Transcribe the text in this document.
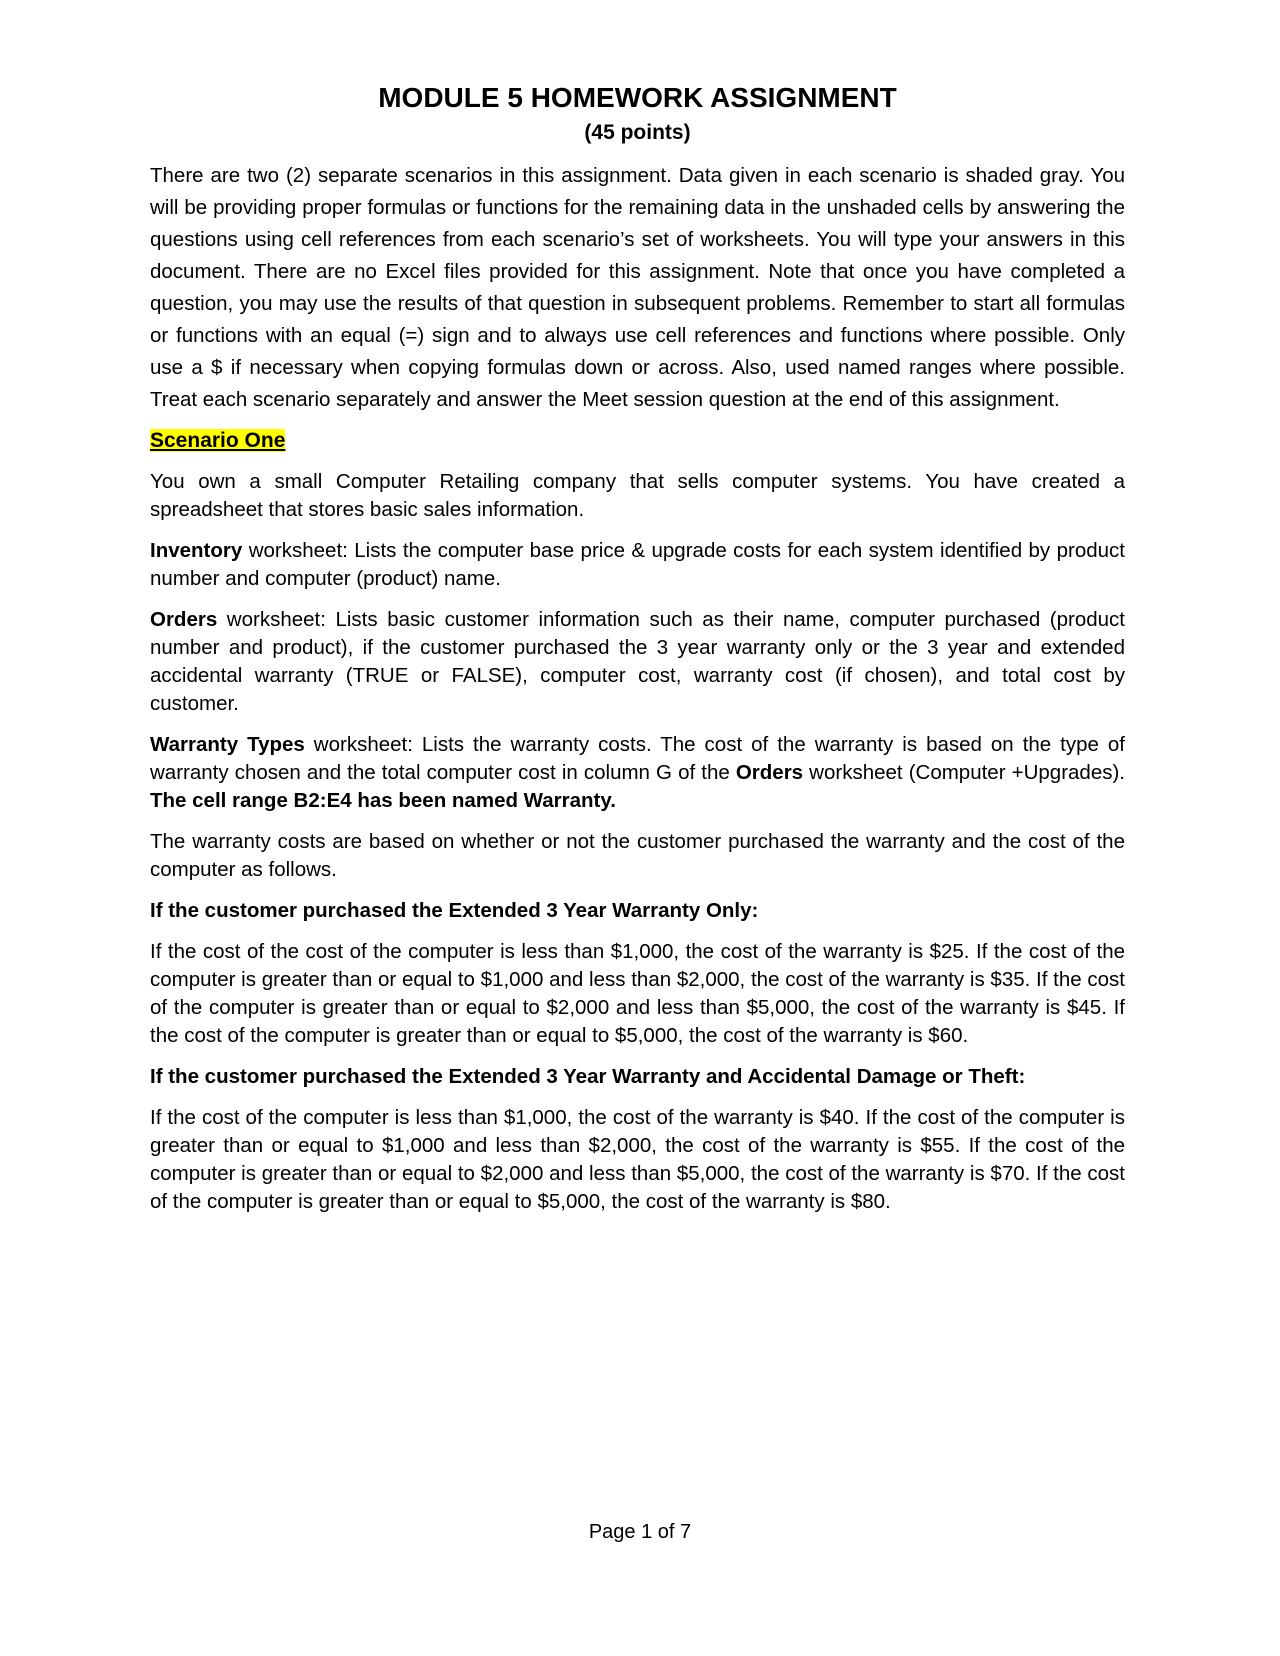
MODULE 5 HOMEWORK ASSIGNMENT

(45 points)

There are two (2) separate scenarios in this assignment. Data given in each scenario is shaded gray. You will be providing proper formulas or functions for the remaining data in the unshaded cells by answering the questions using cell references from each scenario’s set of worksheets. You will type your answers in this document. There are no Excel files provided for this assignment. Note that once you have completed a question, you may use the results of that question in subsequent problems. Remember to start all formulas or functions with an equal (=) sign and to always use cell references and functions where possible. Only use a $ if necessary when copying formulas down or across. Also, used named ranges where possible. Treat each scenario separately and answer the Meet session question at the end of this assignment.

Scenario One

You own a small Computer Retailing company that sells computer systems. You have created a spreadsheet that stores basic sales information.

Inventory worksheet: Lists the computer base price & upgrade costs for each system identified by product number and computer (product) name.

Orders worksheet: Lists basic customer information such as their name, computer purchased (product number and product), if the customer purchased the 3 year warranty only or the 3 year and extended accidental warranty (TRUE or FALSE), computer cost, warranty cost (if chosen), and total cost by customer.

Warranty Types worksheet: Lists the warranty costs. The cost of the warranty is based on the type of warranty chosen and the total computer cost in column G of the Orders worksheet (Computer +Upgrades). The cell range B2:E4 has been named Warranty.

The warranty costs are based on whether or not the customer purchased the warranty and the cost of the computer as follows.

If the customer purchased the Extended 3 Year Warranty Only:

If the cost of the cost of the computer is less than $1,000, the cost of the warranty is $25. If the cost of the computer is greater than or equal to $1,000 and less than $2,000, the cost of the warranty is $35. If the cost of the computer is greater than or equal to $2,000 and less than $5,000, the cost of the warranty is $45. If the cost of the computer is greater than or equal to $5,000, the cost of the warranty is $60.

If the customer purchased the Extended 3 Year Warranty and Accidental Damage or Theft:

If the cost of the computer is less than $1,000, the cost of the warranty is $40. If the cost of the computer is greater than or equal to $1,000 and less than $2,000, the cost of the warranty is $55. If the cost of the computer is greater than or equal to $2,000 and less than $5,000, the cost of the warranty is $70. If the cost of the computer is greater than or equal to $5,000, the cost of the warranty is $80.

Page 1 of 7
